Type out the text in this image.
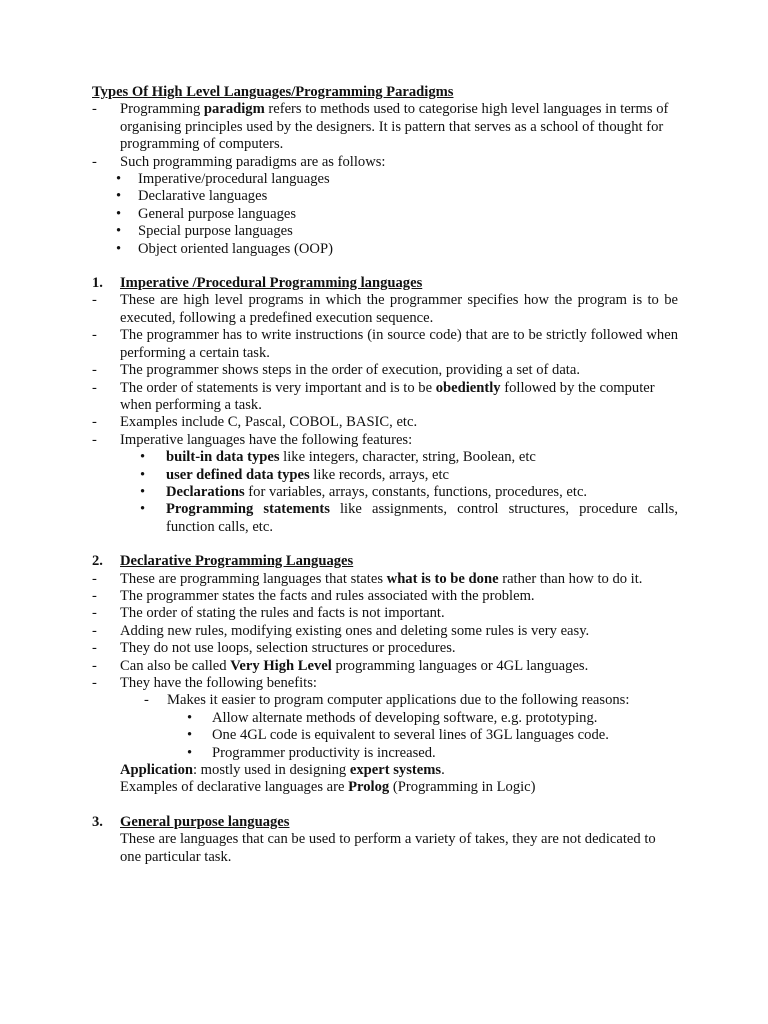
Types Of High Level Languages/Programming Paradigms
- Programming paradigm refers to methods used to categorise high level languages in terms of organising principles used by the designers. It is pattern that serves as a school of thought for programming of computers.
- Such programming paradigms are as follows:
• Imperative/procedural languages
• Declarative languages
• General purpose languages
• Special purpose languages
• Object oriented languages (OOP)
1. Imperative /Procedural Programming languages
- These are high level programs in which the programmer specifies how the program is to be executed, following a predefined execution sequence.
- The programmer has to write instructions (in source code) that are to be strictly followed when performing a certain task.
- The programmer shows steps in the order of execution, providing a set of data.
- The order of statements is very important and is to be obediently followed by the computer when performing a task.
- Examples include C, Pascal, COBOL, BASIC, etc.
- Imperative languages have the following features:
• built-in data types like integers, character, string, Boolean, etc
• user defined data types like records, arrays, etc
• Declarations for variables, arrays, constants, functions, procedures, etc.
• Programming statements like assignments, control structures, procedure calls, function calls, etc.
2. Declarative Programming Languages
- These are programming languages that states what is to be done rather than how to do it.
- The programmer states the facts and rules associated with the problem.
- The order of stating the rules and facts is not important.
- Adding new rules, modifying existing ones and deleting some rules is very easy.
- They do not use loops, selection structures or procedures.
- Can also be called Very High Level programming languages or 4GL languages.
- They have the following benefits:
- Makes it easier to program computer applications due to the following reasons:
• Allow alternate methods of developing software, e.g. prototyping.
• One 4GL code is equivalent to several lines of 3GL languages code.
• Programmer productivity is increased.
Application: mostly used in designing expert systems.
Examples of declarative languages are Prolog (Programming in Logic)
3. General purpose languages
These are languages that can be used to perform a variety of takes, they are not dedicated to one particular task.
